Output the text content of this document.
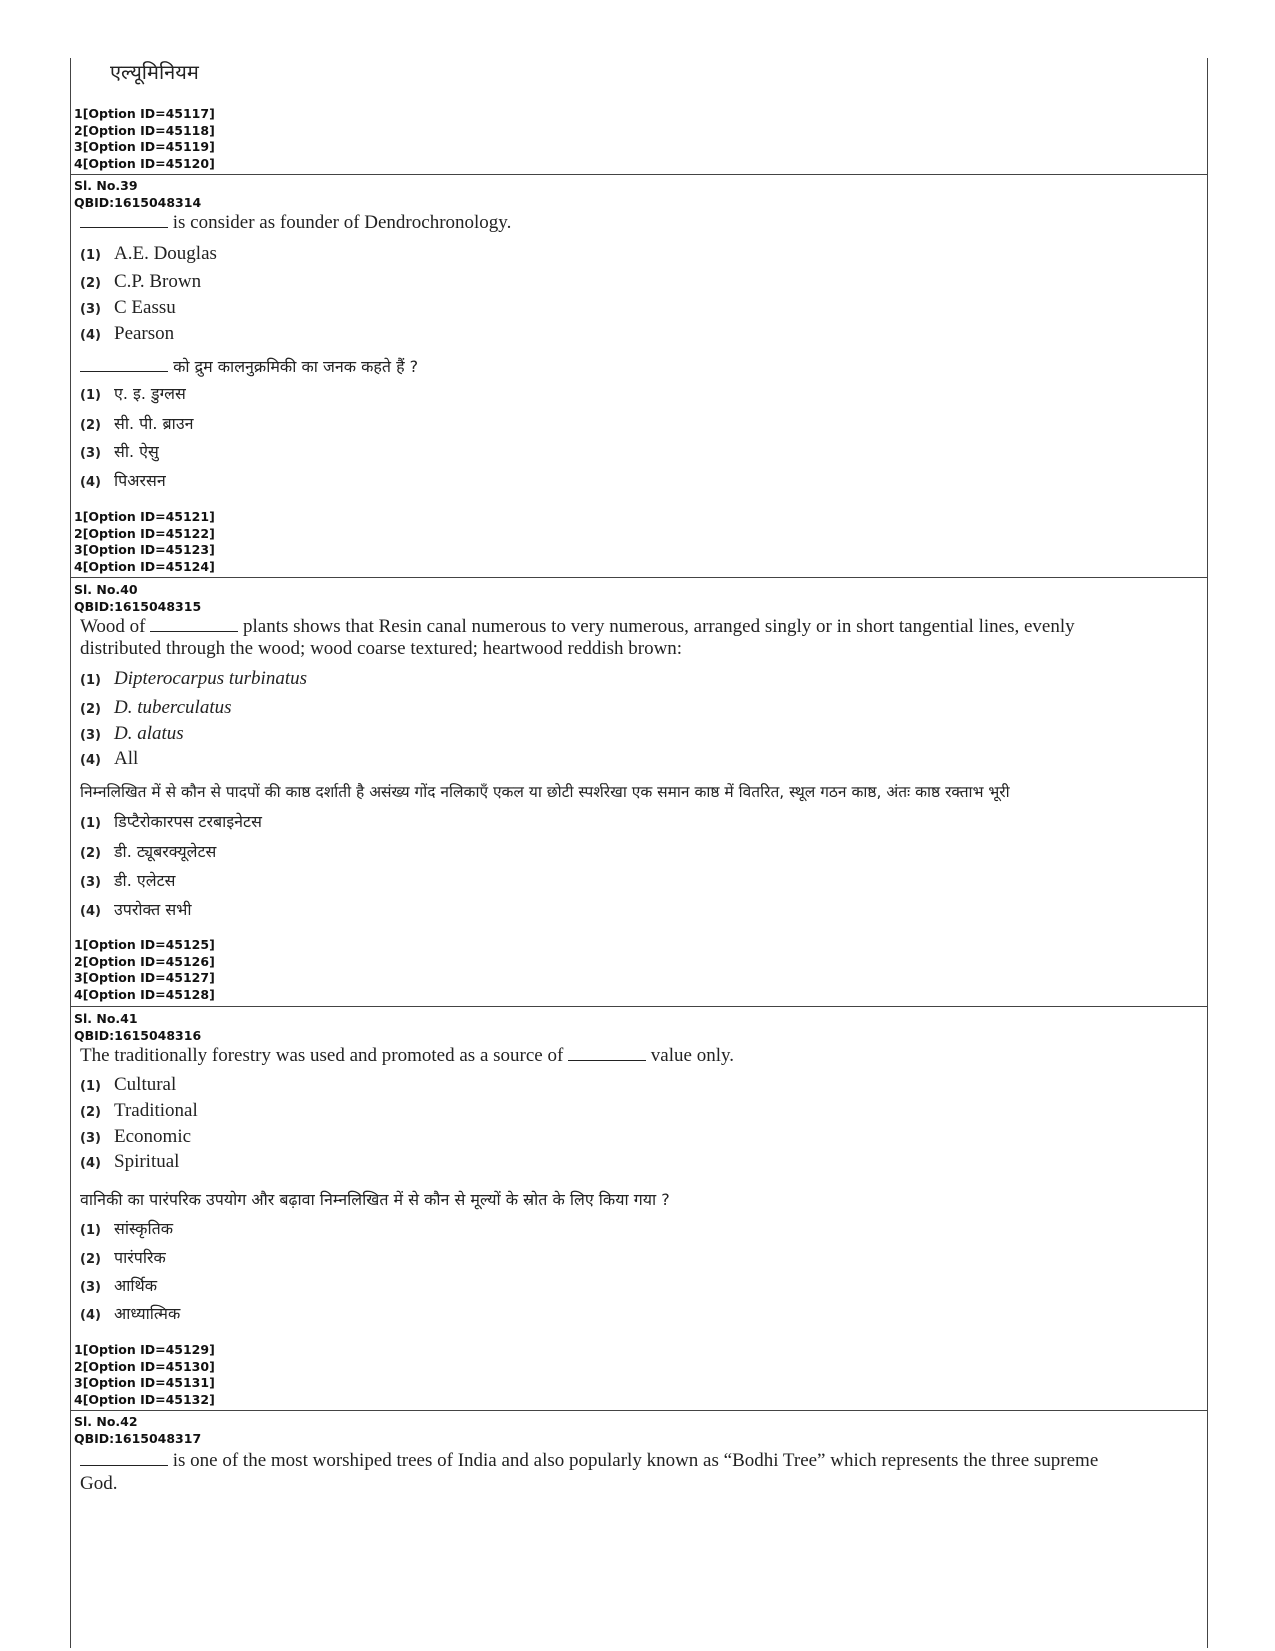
एल्यूमिनियम
1[Option ID=45117]
2[Option ID=45118]
3[Option ID=45119]
4[Option ID=45120]
Sl. No.39
QBID:1615048314
is consider as founder of Dendrochronology.
(1) A.E. Douglas
(2) C.P. Brown
(3) C Eassu
(4) Pearson
को द्रुम कालनुक्रमिकी का जनक कहते हैं ?
(1) ए. इ. डुग्लस
(2) सी. पी. ब्राउन
(3) सी. ऐसु
(4) पिअरसन
1[Option ID=45121]
2[Option ID=45122]
3[Option ID=45123]
4[Option ID=45124]
Sl. No.40
QBID:1615048315
Wood of	plants shows that Resin canal numerous to very numerous, arranged singly or in short tangential lines, evenly
distributed through the wood; wood coarse textured; heartwood reddish brown:
(1) Dipterocarpus turbinatus
(2) D. tuberculatus
(3) D. alatus
(4) All
निम्नलिखित में से कौन से पादपों की काष्ठ दर्शाती है असंख्य गोंद नलिकाएँ एकल या छोटी स्पर्शरेखा एक समान काष्ठ में वितरित, स्थूल गठन काष्ठ, अंतः काष्ठ रक्ताभ भूरी
(1) डिप्टैरोकारपस टरबाइनेटस
(2) डी. ट्यूबरक्यूलेटस
(3) डी. एलेटस
(4) उपरोक्त सभी
1[Option ID=45125]
2[Option ID=45126]
3[Option ID=45127]
4[Option ID=45128]
Sl. No.41
QBID:1615048316
The traditionally forestry was used and promoted as a source of	value only.
(1) Cultural
(2) Traditional
(3) Economic
(4) Spiritual
वानिकी का पारंपरिक उपयोग और बढ़ावा निम्नलिखित में से कौन से मूल्यों के स्रोत के लिए किया गया ?
(1) सांस्कृतिक
(2) पारंपरिक
(3) आर्थिक
(4) आध्यात्मिक
1[Option ID=45129]
2[Option ID=45130]
3[Option ID=45131]
4[Option ID=45132]
Sl. No.42
QBID:1615048317
is one of the most worshiped trees of India and also popularly known as “Bodhi Tree” which represents the three supreme
God.
